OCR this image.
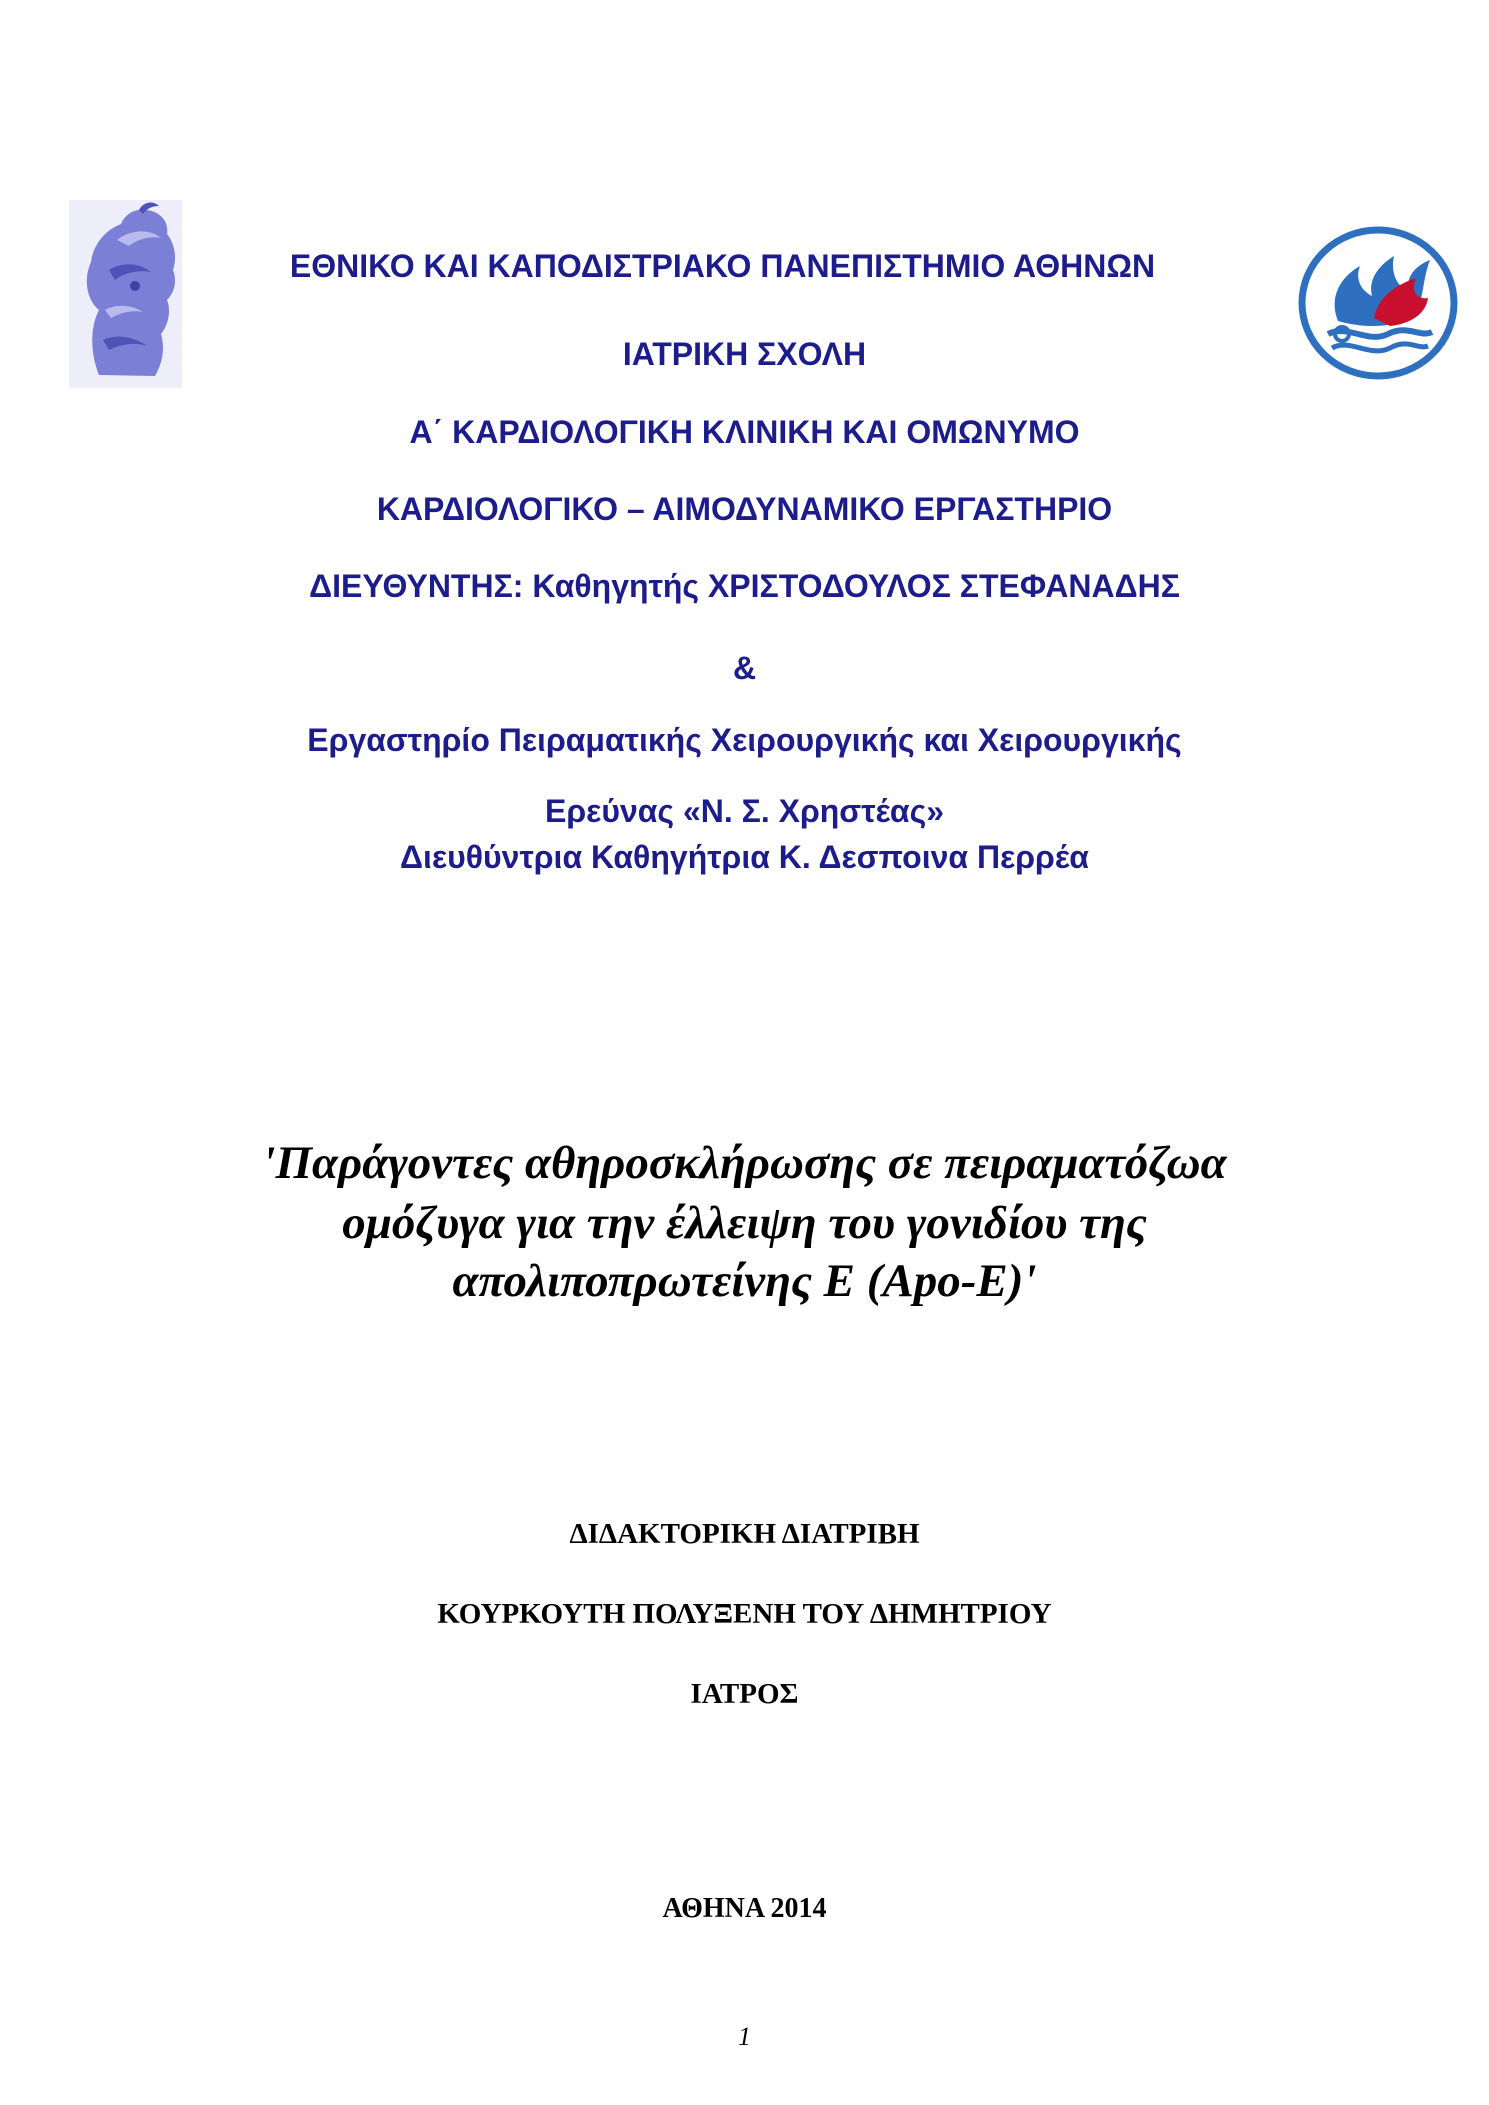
ΕΘΝΙΚΟ ΚΑΙ ΚΑΠΟΔΙΣΤΡΙΑΚΟ ΠΑΝΕΠΙΣΤΗΜΙΟ ΑΘΗΝΩΝ
ΙΑΤΡΙΚΗ ΣΧΟΛΗ
Α΄ ΚΑΡΔΙΟΛΟΓΙΚΗ ΚΛΙΝΙΚΗ ΚΑΙ ΟΜΩΝΥΜΟ
ΚΑΡΔΙΟΛΟΓΙΚΟ – ΑΙΜΟΔΥΝΑΜΙΚΟ ΕΡΓΑΣΤΗΡΙΟ
ΔΙΕΥΘΥΝΤΗΣ: Καθηγητής ΧΡΙΣΤΟΔΟΥΛΟΣ ΣΤΕΦΑΝΑΔΗΣ
&
Εργαστηρίο Πειραματικής Χειρουργικής και Χειρουργικής
Ερεύνας «Ν. Σ. Χρηστέας»
Διευθύντρια Καθηγήτρια Κ. Δεσποινα Περρέα
'Παράγοντες αθηροσκλήρωσης σε πειραματόζωα
ομόζυγα για την έλλειψη του γονιδίου της
απολιποπρωτείνης E (Apo-E)'
ΔΙΔΑΚΤΟΡΙΚΗ ΔΙΑΤΡΙΒΗ
ΚΟΥΡΚΟΥΤΗ ΠΟΛΥΞΕΝΗ ΤΟΥ ΔΗΜΗΤΡΙΟΥ
ΙΑΤΡΟΣ
ΑΘΗΝΑ 2014
1
